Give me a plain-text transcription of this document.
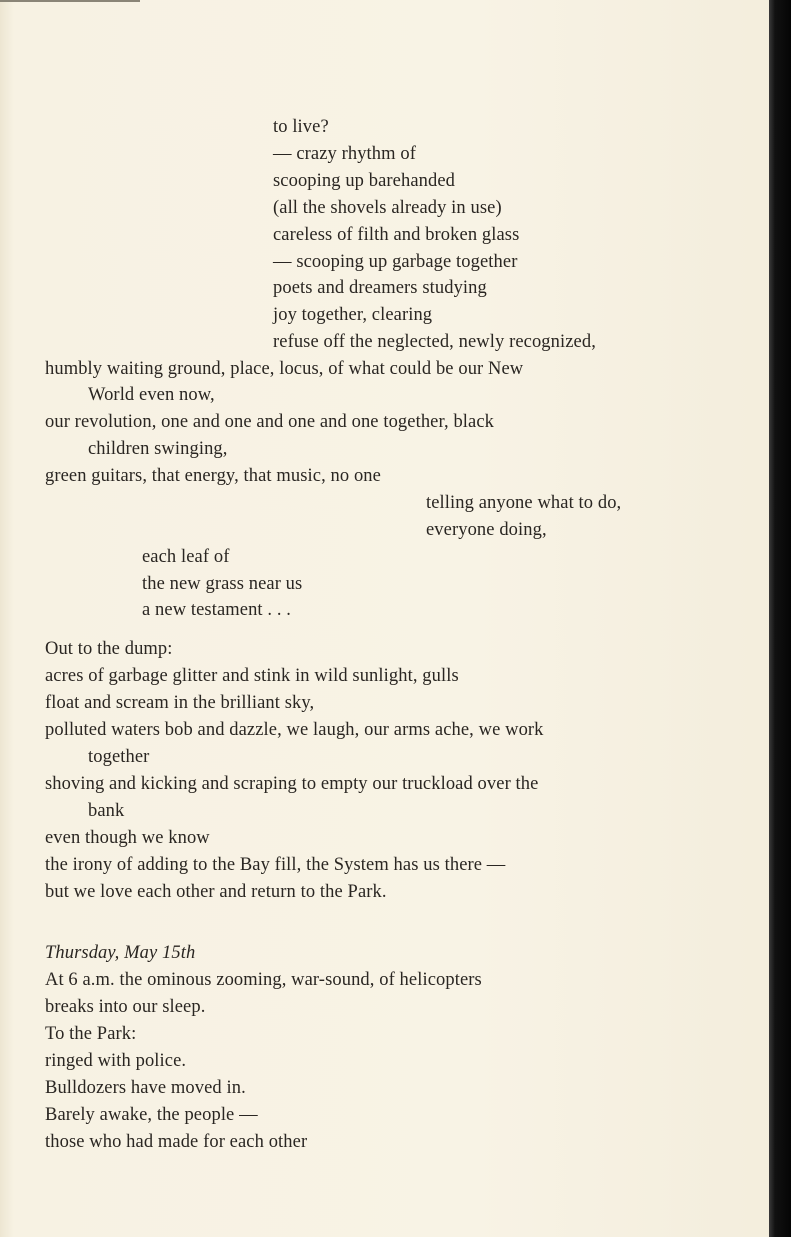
to live?
— crazy rhythm of
scooping up barehanded
(all the shovels already in use)
careless of filth and broken glass
— scooping up garbage together
poets and dreamers studying
joy together, clearing
refuse off the neglected, newly recognized,
humbly waiting ground, place, locus, of what could be our New
World even now,
our revolution, one and one and one and one together, black
children swinging,
green guitars, that energy, that music, no one
telling anyone what to do,
everyone doing,
each leaf of
the new grass near us
a new testament . . .
Out to the dump:
acres of garbage glitter and stink in wild sunlight, gulls
float and scream in the brilliant sky,
polluted waters bob and dazzle, we laugh, our arms ache, we work
together
shoving and kicking and scraping to empty our truckload over the
bank
even though we know
the irony of adding to the Bay fill, the System has us there —
but we love each other and return to the Park.
Thursday, May 15th
At 6 a.m. the ominous zooming, war-sound, of helicopters
breaks into our sleep.
To the Park:
ringed with police.
Bulldozers have moved in.
Barely awake, the people —
those who had made for each other
